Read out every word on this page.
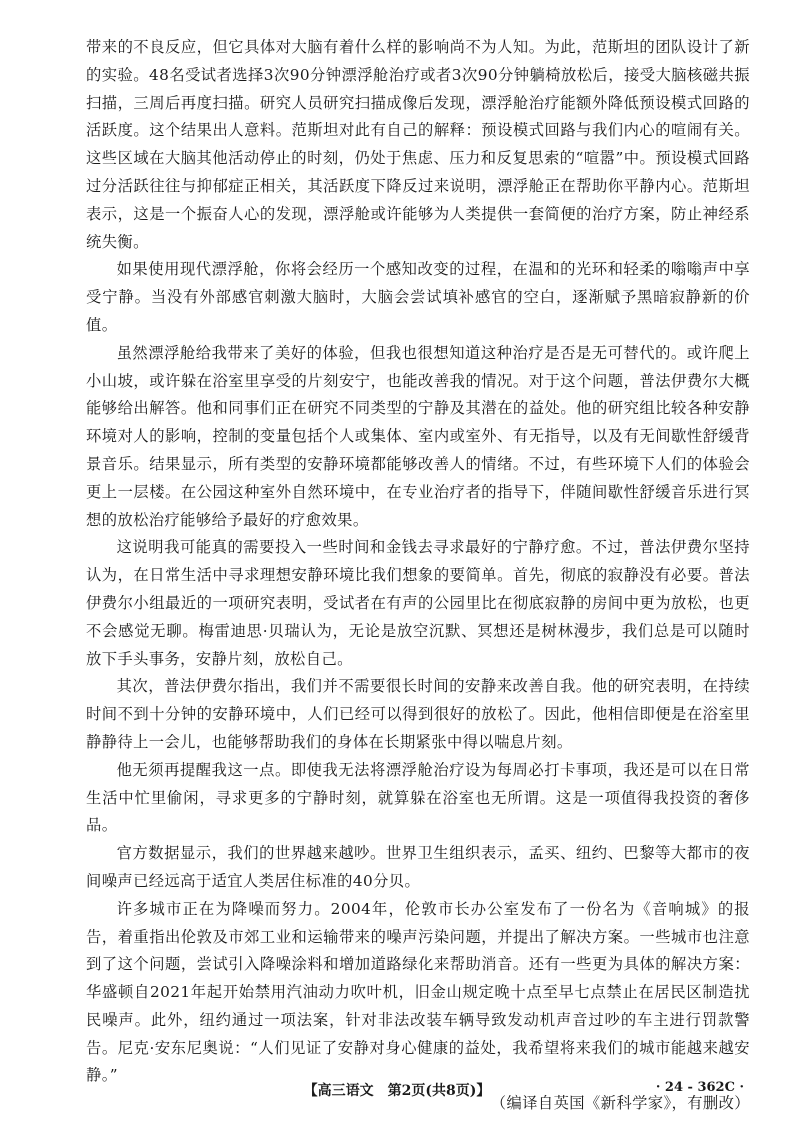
带来的不良反应，但它具体对大脑有着什么样的影响尚不为人知。为此，范斯坦的团队设计了新的实验。48名受试者选择3次90分钟漂浮舱治疗或者3次90分钟躺椅放松后，接受大脑核磁共振扫描，三周后再度扫描。研究人员研究扫描成像后发现，漂浮舱治疗能额外降低预设模式回路的活跃度。这个结果出人意料。范斯坦对此有自己的解释：预设模式回路与我们内心的喧闹有关。这些区域在大脑其他活动停止的时刻，仍处于焦虑、压力和反复思索的“喧嚣”中。预设模式回路过分活跃往往与抑郁症正相关，其活跃度下降反过来说明，漂浮舱正在帮助你平静内心。范斯坦表示，这是一个振奋人心的发现，漂浮舱或许能够为人类提供一套简便的治疗方案，防止神经系统失衡。

如果使用现代漂浮舱，你将会经历一个感知改变的过程，在温和的光环和轻柔的嗡嗡声中享受宁静。当没有外部感官刺激大脑时，大脑会尝试填补感官的空白，逐渐赋予黑暗寂静新的价值。

虽然漂浮舱给我带来了美好的体验，但我也很想知道这种治疗是否是无可替代的。或许爬上小山坡，或许躲在浴室里享受的片刻安宁，也能改善我的情况。对于这个问题，普法伊费尔大概能够给出解答。他和同事们正在研究不同类型的宁静及其潜在的益处。他的研究组比较各种安静环境对人的影响，控制的变量包括个人或集体、室内或室外、有无指导，以及有无间歇性舒缓背景音乐。结果显示，所有类型的安静环境都能够改善人的情绪。不过，有些环境下人们的体验会更上一层楼。在公园这种室外自然环境中，在专业治疗者的指导下，伴随间歇性舒缓音乐进行冥想的放松治疗能够给予最好的疗愈效果。

这说明我可能真的需要投入一些时间和金钱去寻求最好的宁静疗愈。不过，普法伊费尔坚持认为，在日常生活中寻求理想安静环境比我们想象的要简单。首先，彻底的寂静没有必要。普法伊费尔小组最近的一项研究表明，受试者在有声的公园里比在彻底寂静的房间中更为放松，也更不会感觉无聊。梅雷迪思·贝瑞认为，无论是放空沉默、冥想还是树林漫步，我们总是可以随时放下手头事务，安静片刻，放松自己。

其次，普法伊费尔指出，我们并不需要很长时间的安静来改善自我。他的研究表明，在持续时间不到十分钟的安静环境中，人们已经可以得到很好的放松了。因此，他相信即便是在浴室里静静待上一会儿，也能够帮助我们的身体在长期紧张中得以喘息片刻。

他无须再提醒我这一点。即使我无法将漂浮舱治疗设为每周必打卡事项，我还是可以在日常生活中忙里偷闲，寻求更多的宁静时刻，就算躲在浴室也无所谓。这是一项值得我投资的奢侈品。

官方数据显示，我们的世界越来越吵。世界卫生组织表示，孟买、纽约、巴黎等大都市的夜间噪声已经远高于适宜人类居住标准的40分贝。

许多城市正在为降噪而努力。2004年，伦敦市长办公室发布了一份名为《音响城》的报告，着重指出伦敦及市郊工业和运输带来的噪声污染问题，并提出了解决方案。一些城市也注意到了这个问题，尝试引入降噪涂料和增加道路绿化来帮助消音。还有一些更为具体的解决方案：华盛顿自2021年起开始禁用汽油动力吹叶机，旧金山规定晚十点至早七点禁止在居民区制造扰民噪声。此外，纽约通过一项法案，针对非法改装车辆导致发动机声音过吵的车主进行罚款警告。尼克·安东尼奥说：“人们见证了安静对身心健康的益处，我希望将来我们的城市能越来越安静。”

（编译自英国《新科学家》，有删改）

【高三语文　第2页(共8页)】	· 24 - 362C ·
